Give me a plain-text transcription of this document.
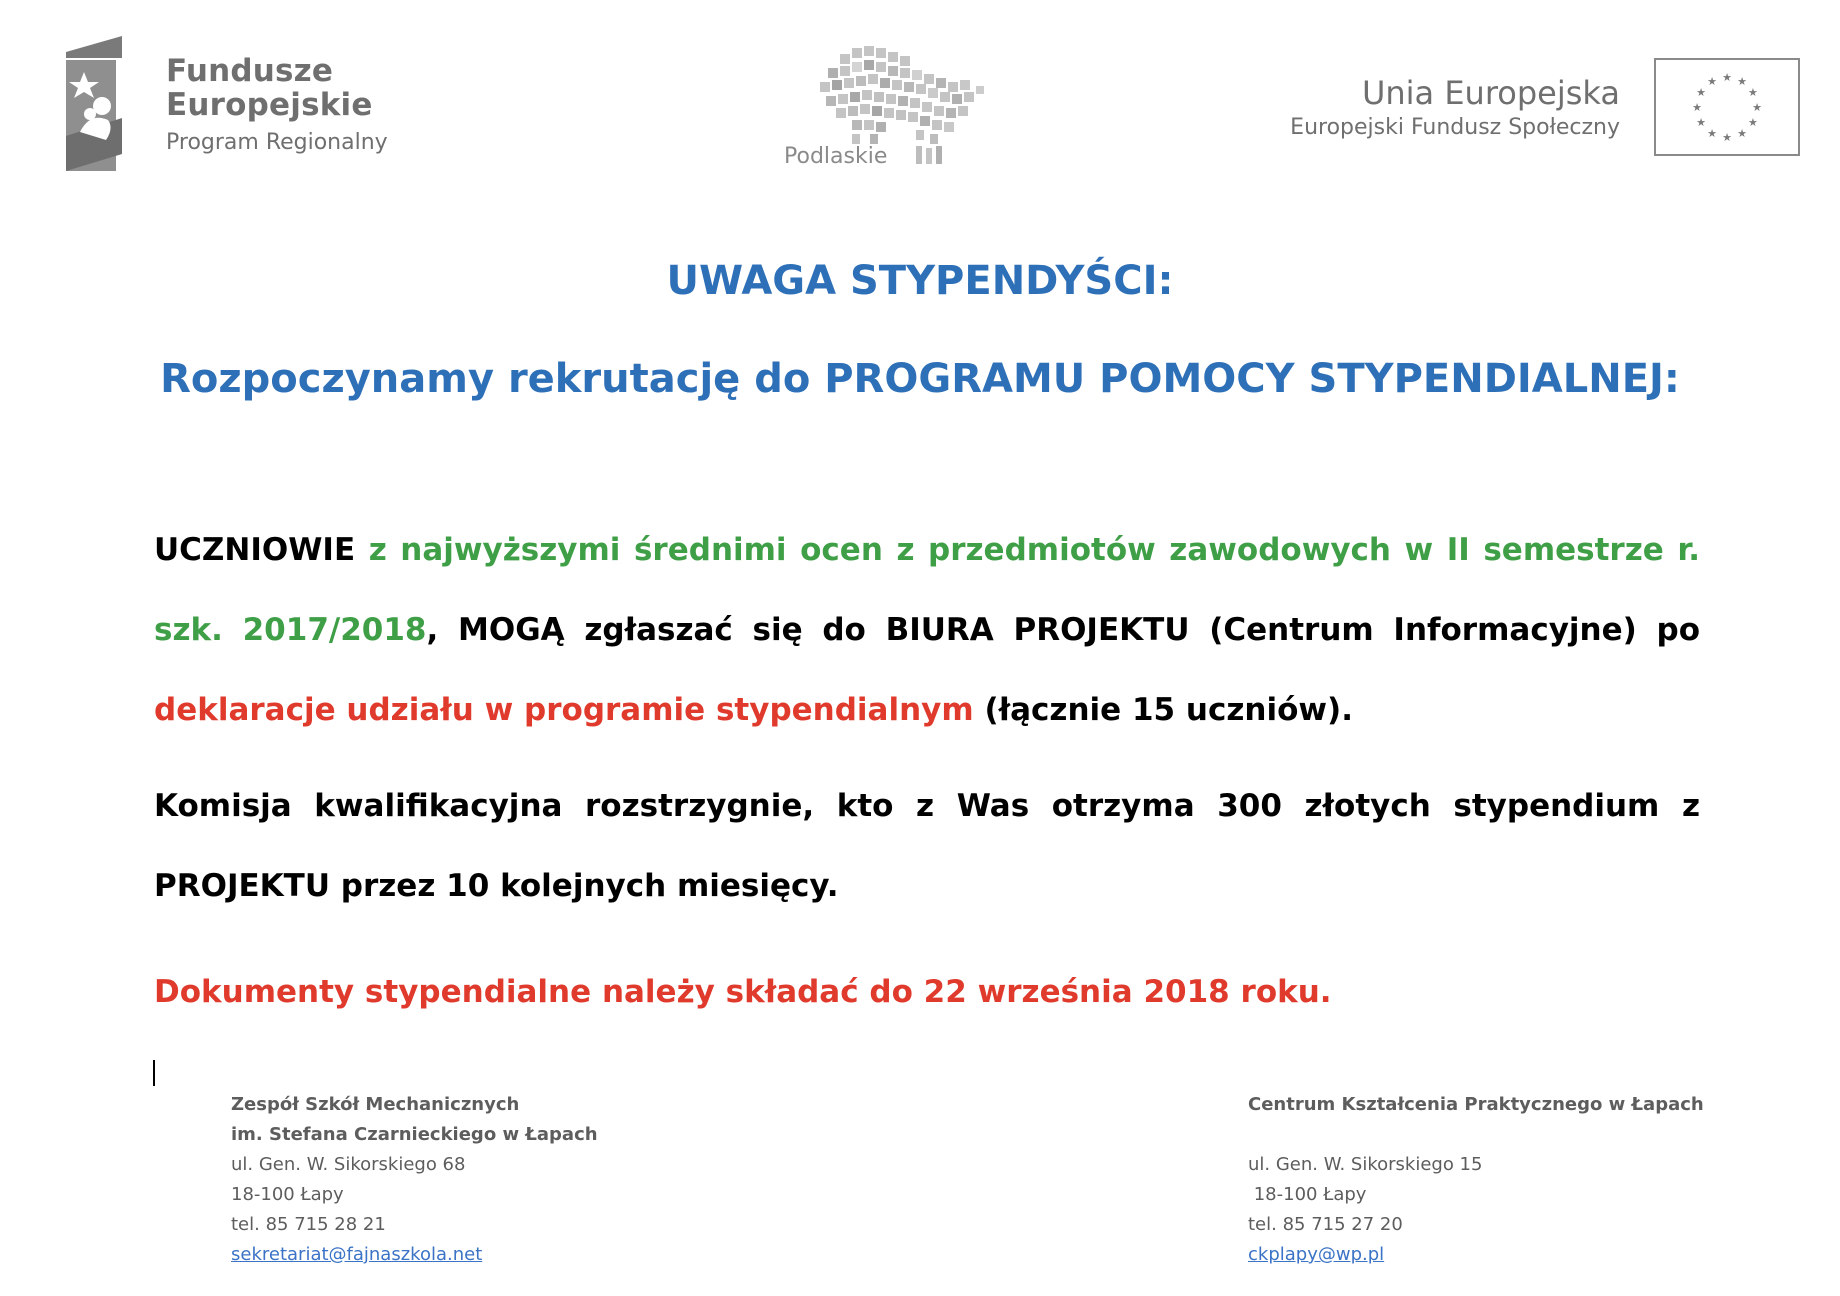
Fundusze
Europejskie
Program Regionalny
Podlaskie
Unia Europejska
Europejski Fundusz Społeczny
★ ★
★
★
★
★
★
★
★
★
★
★
UWAGA STYPENDYŚCI:
Rozpoczynamy rekrutację do PROGRAMU POMOCY STYPENDIALNEJ:
UCZNIOWIE z najwyższymi średnimi ocen z przedmiotów zawodowych w II semestrze r. szk. 2017/2018, MOGĄ zgłaszać się do BIURA PROJEKTU (Centrum Informacyjne) po deklaracje udziału w programie stypendialnym (łącznie 15 uczniów).
Komisja kwalifikacyjna rozstrzygnie, kto z Was otrzyma 300 złotych stypendium z PROJEKTU przez 10 kolejnych miesięcy.
Dokumenty stypendialne należy składać do 22 września 2018 roku.
Zespół Szkół Mechanicznych
im. Stefana Czarnieckiego w Łapach
ul. Gen. W. Sikorskiego 68
18-100 Łapy
tel. 85 715 28 21
sekretariat@fajnaszkola.net
Centrum Kształcenia Praktycznego w Łapach
ul. Gen. W. Sikorskiego 15
18-100 Łapy
tel. 85 715 27 20
ckplapy@wp.pl
